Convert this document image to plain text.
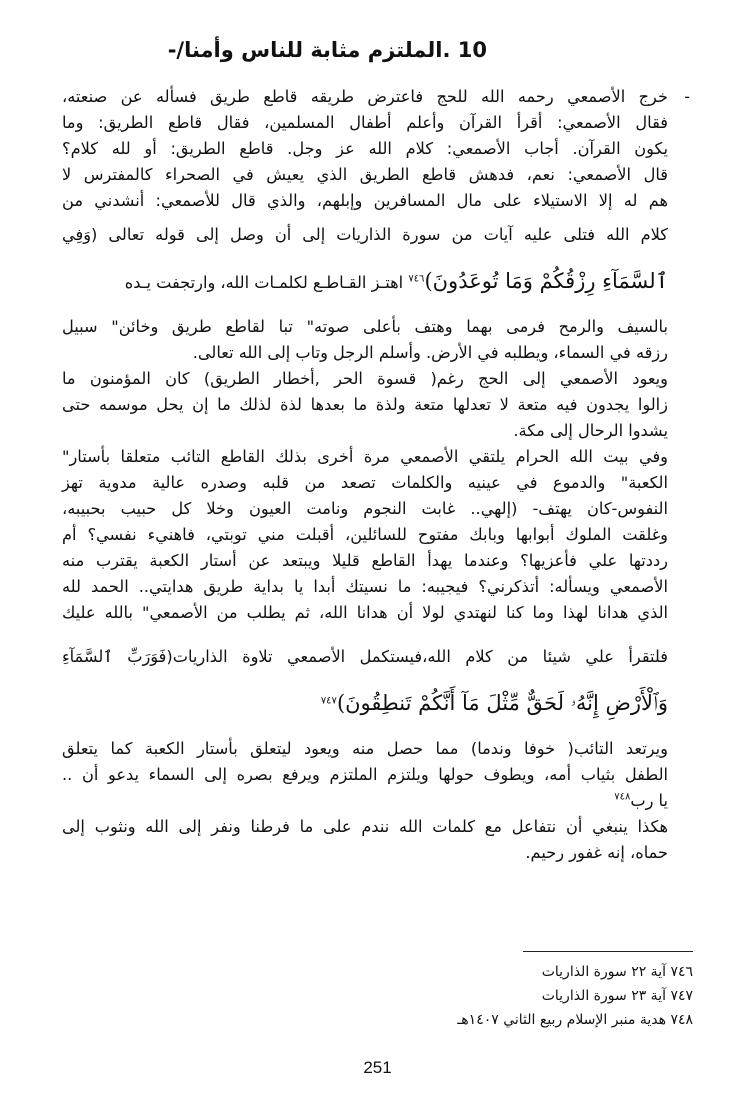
10 .الملتزم مثابة للناس وأمنا/-
-
خرج الأصمعي رحمه الله للحج فاعترض طريقه قاطع طريق فسأله عن صنعته،
فقال الأصمعي: أقرأ القرآن وأعلم أطفال المسلمين، فقال قاطع الطريق: وما
يكون القرآن. أجاب الأصمعي: كلام الله عز وجل. قاطع الطريق: أو لله كلام؟
قال الأصمعي: نعم، فدهش قاطع الطريق الذي يعيش في الصحراء كالمفترس لا
هم له إلا الاستيلاء على مال المسافرين وإبلهم، والذي قال للأصمعي: أنشدني من
كلام الله فتلى عليه آيات من سورة الذاريات إلى أن وصل إلى قوله تعالى (وَفِي
ٱلسَّمَآءِ رِزْقُكُمْ وَمَا تُوعَدُونَ)$^{٧٤٦}$ اهتـز القـاطـع لكلمـات الله، وارتجفت يـده
بالسيف والرمح فرمى بهما وهتف بأعلى صوته" تبا لقاطع طريق وخائن" سبيل
رزقه في السماء، ويطلبه في الأرض. وأسلم الرجل وتاب إلى الله تعالى.
ويعود الأصمعي إلى الحج رغم( قسوة الحر ,أخطار الطريق) كان المؤمنون ما
زالوا يجدون فيه متعة لا تعدلها متعة ولذة ما بعدها لذة لذلك ما إن يحل موسمه حتى
يشدوا الرحال إلى مكة.
وفي بيت الله الحرام يلتقي الأصمعي مرة أخرى بذلك القاطع التائب متعلقا بأستار"
الكعبة" والدموع في عينيه والكلمات تصعد من قلبه وصدره عالية مدوية تهز
النفوس-كان يهتف- (إلهي.. غابت النجوم ونامت العيون وخلا كل حبيب بحبيبه،
وغلقت الملوك أبوابها وبابك مفتوح للسائلين، أقبلت مني توبتي، فاهنيء نفسي؟ أم
رددتها علي فأعزيها؟ وعندما يهدأ القاطع قليلا ويبتعد عن أستار الكعبة يقترب منه
الأصمعي ويسأله: أتذكرني؟ فيجيبه: ما نسيتك أبدا يا بداية طريق هدايتي.. الحمد لله
الذي هدانا لهذا وما كنا لنهتدي لولا أن هدانا الله، ثم يطلب من الأصمعي" بالله عليك
فلتقرأ علي شيئا من كلام الله،فيستكمل الأصمعي تلاوة الذاريات(فَوَرَبِّ ٱلسَّمَآءِ
وَٱلْأَرْضِ إِنَّهُۥ لَحَقٌّ مِّثْلَ مَآ أَنَّكُمْ تَنطِقُونَ)$^{٧٤٧}$
ويرتعد التائب( خوفا وندما) مما حصل منه ويعود ليتعلق بأستار الكعبة كما يتعلق
الطفل بثياب أمه، ويطوف حولها ويلتزم الملتزم ويرفع بصره إلى السماء يدعو أن ..
يا رب$^{٧٤٨}$
هكذا ينبغي أن نتفاعل مع كلمات الله نندم على ما فرطنا ونفر إلى الله ونثوب إلى
حماه، إنه غفور رحيم.
٧٤٦ آية ٢٢ سورة الذاريات
٧٤٧ آية ٢٣ سورة الذاريات
٧٤٨ هدية منبر الإسلام ربيع الثاني ١٤٠٧هـ
251
